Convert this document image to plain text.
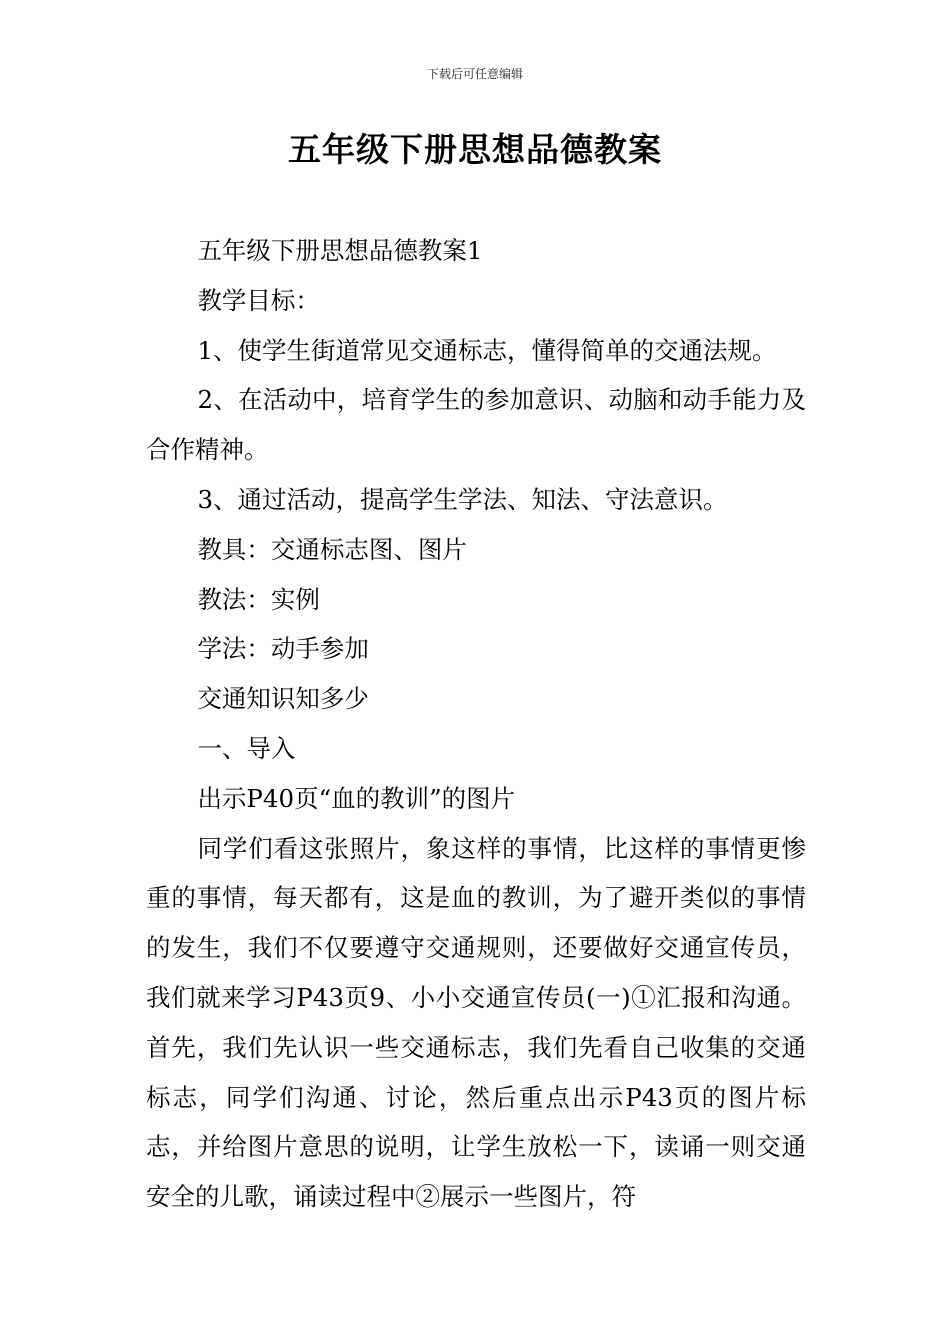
下载后可任意编辑
五年级下册思想品德教案

五年级下册思想品德教案1

教学目标：

1、使学生街道常见交通标志，懂得简单的交通法规。

2、在活动中，培育学生的参加意识、动脑和动手能力及合作精神。

3、通过活动，提高学生学法、知法、守法意识。

教具：交通标志图、图片

教法：实例

学法：动手参加

交通知识知多少

一、导入

出示P40页“血的教训”的图片

同学们看这张照片，象这样的事情，比这样的事情更惨重的事情，每天都有，这是血的教训，为了避开类似的事情的发生，我们不仅要遵守交通规则，还要做好交通宣传员，我们就来学习P43页9、小小交通宣传员(一)①汇报和沟通。首先，我们先认识一些交通标志，我们先看自己收集的交通标志，同学们沟通、讨论，然后重点出示P43页的图片标志，并给图片意思的说明，让学生放松一下，读诵一则交通安全的儿歌，诵读过程中②展示一些图片，符
